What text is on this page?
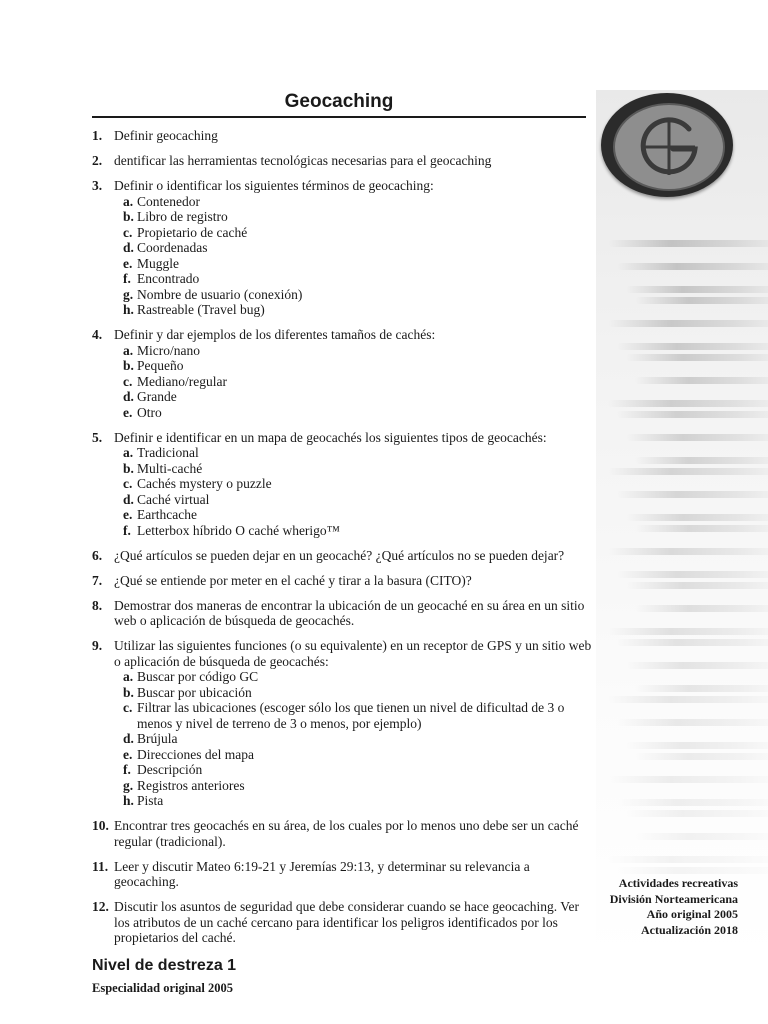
Geocaching
1. Definir geocaching
2. dentificar las herramientas tecnológicas necesarias para el geocaching
3. Definir o identificar los siguientes términos de geocaching:
a. Contenedor
b. Libro de registro
c. Propietario de caché
d. Coordenadas
e. Muggle
f. Encontrado
g. Nombre de usuario (conexión)
h. Rastreable (Travel bug)
4. Definir y dar ejemplos de los diferentes tamaños de cachés:
a. Micro/nano
b. Pequeño
c. Mediano/regular
d. Grande
e. Otro
5. Definir e identificar en un mapa de geocachés los siguientes tipos de geocachés:
a. Tradicional
b. Multi-caché
c. Cachés mystery o puzzle
d. Caché virtual
e. Earthcache
f. Letterbox híbrido O caché wherigo™
6. ¿Qué artículos se pueden dejar en un geocaché? ¿Qué artículos no se pueden dejar?
7. ¿Qué se entiende por meter en el caché y tirar a la basura (CITO)?
8. Demostrar dos maneras de encontrar la ubicación de un geocaché en su área en un sitio web o aplicación de búsqueda de geocachés.
9. Utilizar las siguientes funciones (o su equivalente) en un receptor de GPS y un sitio web o aplicación de búsqueda de geocachés:
a. Buscar por código GC
b. Buscar por ubicación
c. Filtrar las ubicaciones (escoger sólo los que tienen un nivel de dificultad de 3 o menos y nivel de terreno de 3 o menos, por ejemplo)
d. Brújula
e. Direcciones del mapa
f. Descripción
g. Registros anteriores
h. Pista
10. Encontrar tres geocachés en su área, de los cuales por lo menos uno debe ser un caché regular (tradicional).
11. Leer y discutir Mateo 6:19-21 y Jeremías 29:13, y determinar su relevancia a geocaching.
12. Discutir los asuntos de seguridad que debe considerar cuando se hace geocaching. Ver los atributos de un caché cercano para identificar los peligros identificados por los propietarios del caché.
Actividades recreativas
División Norteamericana
Año original 2005
Actualización 2018
Nivel de destreza 1
Especialidad original 2005
